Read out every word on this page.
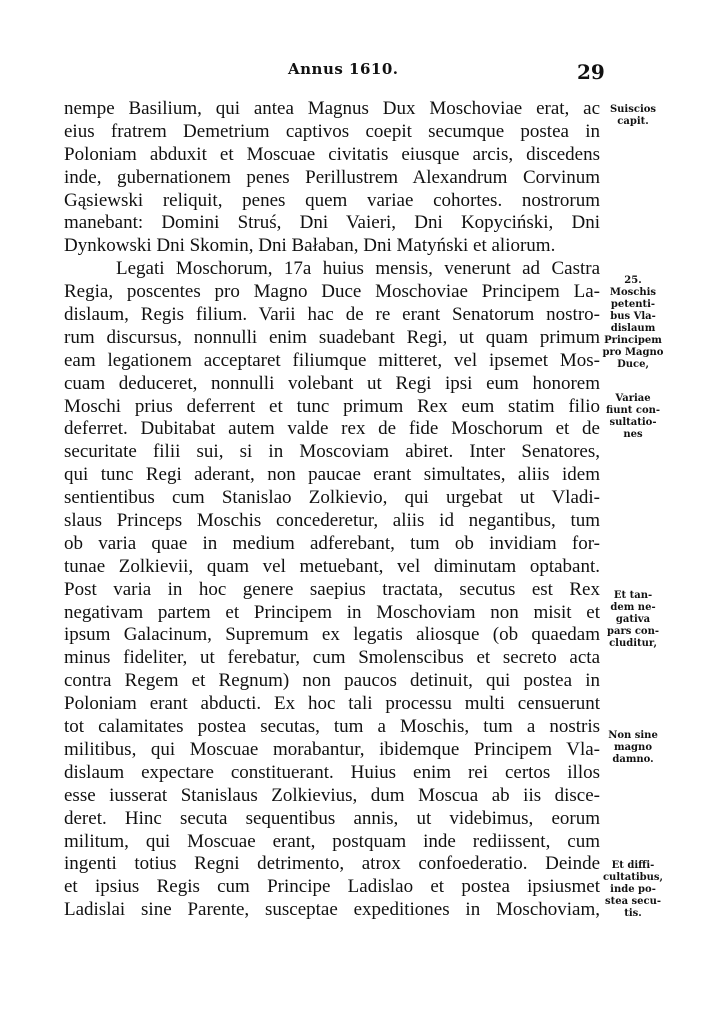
Annus 1610.	29
nempe Basilium, qui antea Magnus Dux Moschoviae erat, ac
eius fratrem Demetrium captivos coepit secumque postea in
Poloniam abduxit et Moscuae civitatis eiusque arcis, discedens
inde, gubernationem penes Perillustrem Alexandrum Corvinum
Gąsiewski reliquit, penes quem variae cohortes. nostrorum
manebant: Domini Struś, Dni Vaieri, Dni Kopyciński, Dni
Dynkowski Dni Skomin, Dni Bałaban, Dni Matyński et aliorum.
Legati Moschorum, 17a huius mensis, venerunt ad Castra
Regia, poscentes pro Magno Duce Moschoviae Principem La-
dislaum, Regis filium. Varii hac de re erant Senatorum nostro-
rum discursus, nonnulli enim suadebant Regi, ut quam primum
eam legationem acceptaret filiumque mitteret, vel ipsemet Mos-
cuam deduceret, nonnulli volebant ut Regi ipsi eum honorem
Moschi prius deferrent et tunc primum Rex eum statim filio
deferret. Dubitabat autem valde rex de fide Moschorum et de
securitate filii sui, si in Moscoviam abiret. Inter Senatores,
qui tunc Regi aderant, non paucae erant simultates, aliis idem
sentientibus cum Stanislao Zolkievio, qui urgebat ut Vladi-
slaus Princeps Moschis concederetur, aliis id negantibus, tum
ob varia quae in medium adferebant, tum ob invidiam for-
tunae Zolkievii, quam vel metuebant, vel diminutam optabant.
Post varia in hoc genere saepius tractata, secutus est Rex
negativam partem et Principem in Moschoviam non misit et
ipsum Galacinum, Supremum ex legatis aliosque (ob quaedam
minus fideliter, ut ferebatur, cum Smolenscibus et secreto acta
contra Regem et Regnum) non paucos detinuit, qui postea in
Poloniam erant abducti. Ex hoc tali processu multi censuerunt
tot calamitates postea secutas, tum a Moschis, tum a nostris
militibus, qui Moscuae morabantur, ibidemque Principem Vla-
dislaum expectare constituerant. Huius enim rei certos illos
esse iusserat Stanislaus Zolkievius, dum Moscua ab iis disce-
deret. Hinc secuta sequentibus annis, ut videbimus, eorum
militum, qui Moscuae erant, postquam inde rediissent, cum
ingenti totius Regni detrimento, atrox confoederatio. Deinde
et ipsius Regis cum Principe Ladislao et postea ipsiusmet
Ladislai sine Parente, susceptae expeditiones in Moschoviam,
Suiscios
capit.
25.
Moschis
petenti-
bus Vla-
dislaum
Principem
pro Magno
Duce,
Variae
fiunt con-
sultatio-
nes
Et tan-
dem ne-
gativa
pars con-
cluditur,
Non sine
magno
damno.
Et diffi-
cultatibus,
inde po-
stea secu-
tis.
